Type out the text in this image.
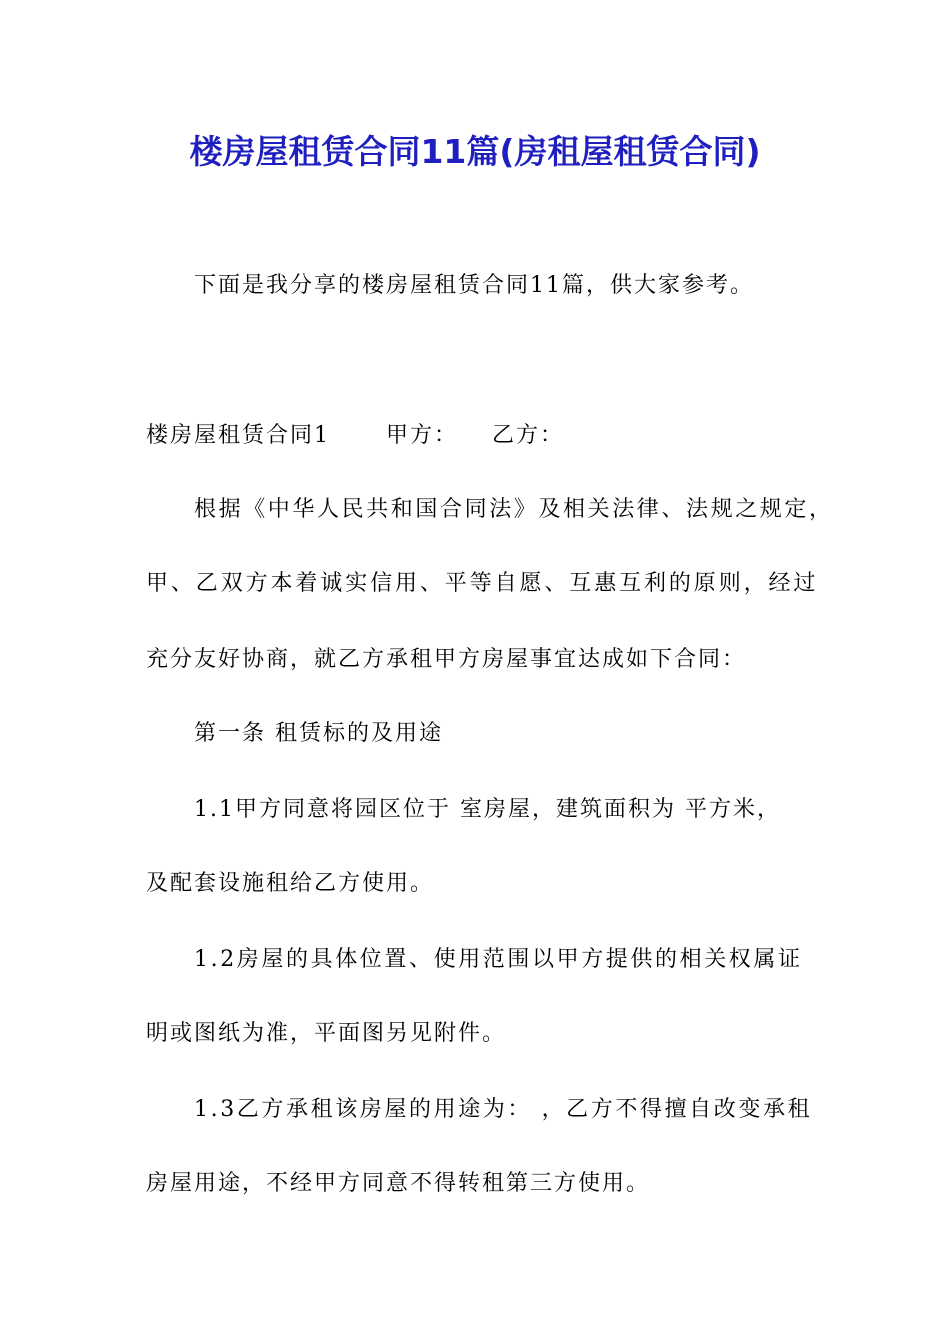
楼房屋租赁合同11篇(房租屋租赁合同)
下面是我分享的楼房屋租赁合同11篇，供大家参考。
楼房屋租赁合同1	甲方： 乙方：
根据《中华人民共和国合同法》及相关法律、法规之规定，
甲、乙双方本着诚实信用、平等自愿、互惠互利的原则，经过
充分友好协商，就乙方承租甲方房屋事宜达成如下合同：
第一条 租赁标的及用途
1.1甲方同意将园区位于 室房屋，建筑面积为 平方米，
及配套设施租给乙方使用。
1.2房屋的具体位置、使用范围以甲方提供的相关权属证
明或图纸为准，平面图另见附件。
1.3乙方承租该房屋的用途为： ，乙方不得擅自改变承租
房屋用途，不经甲方同意不得转租第三方使用。
